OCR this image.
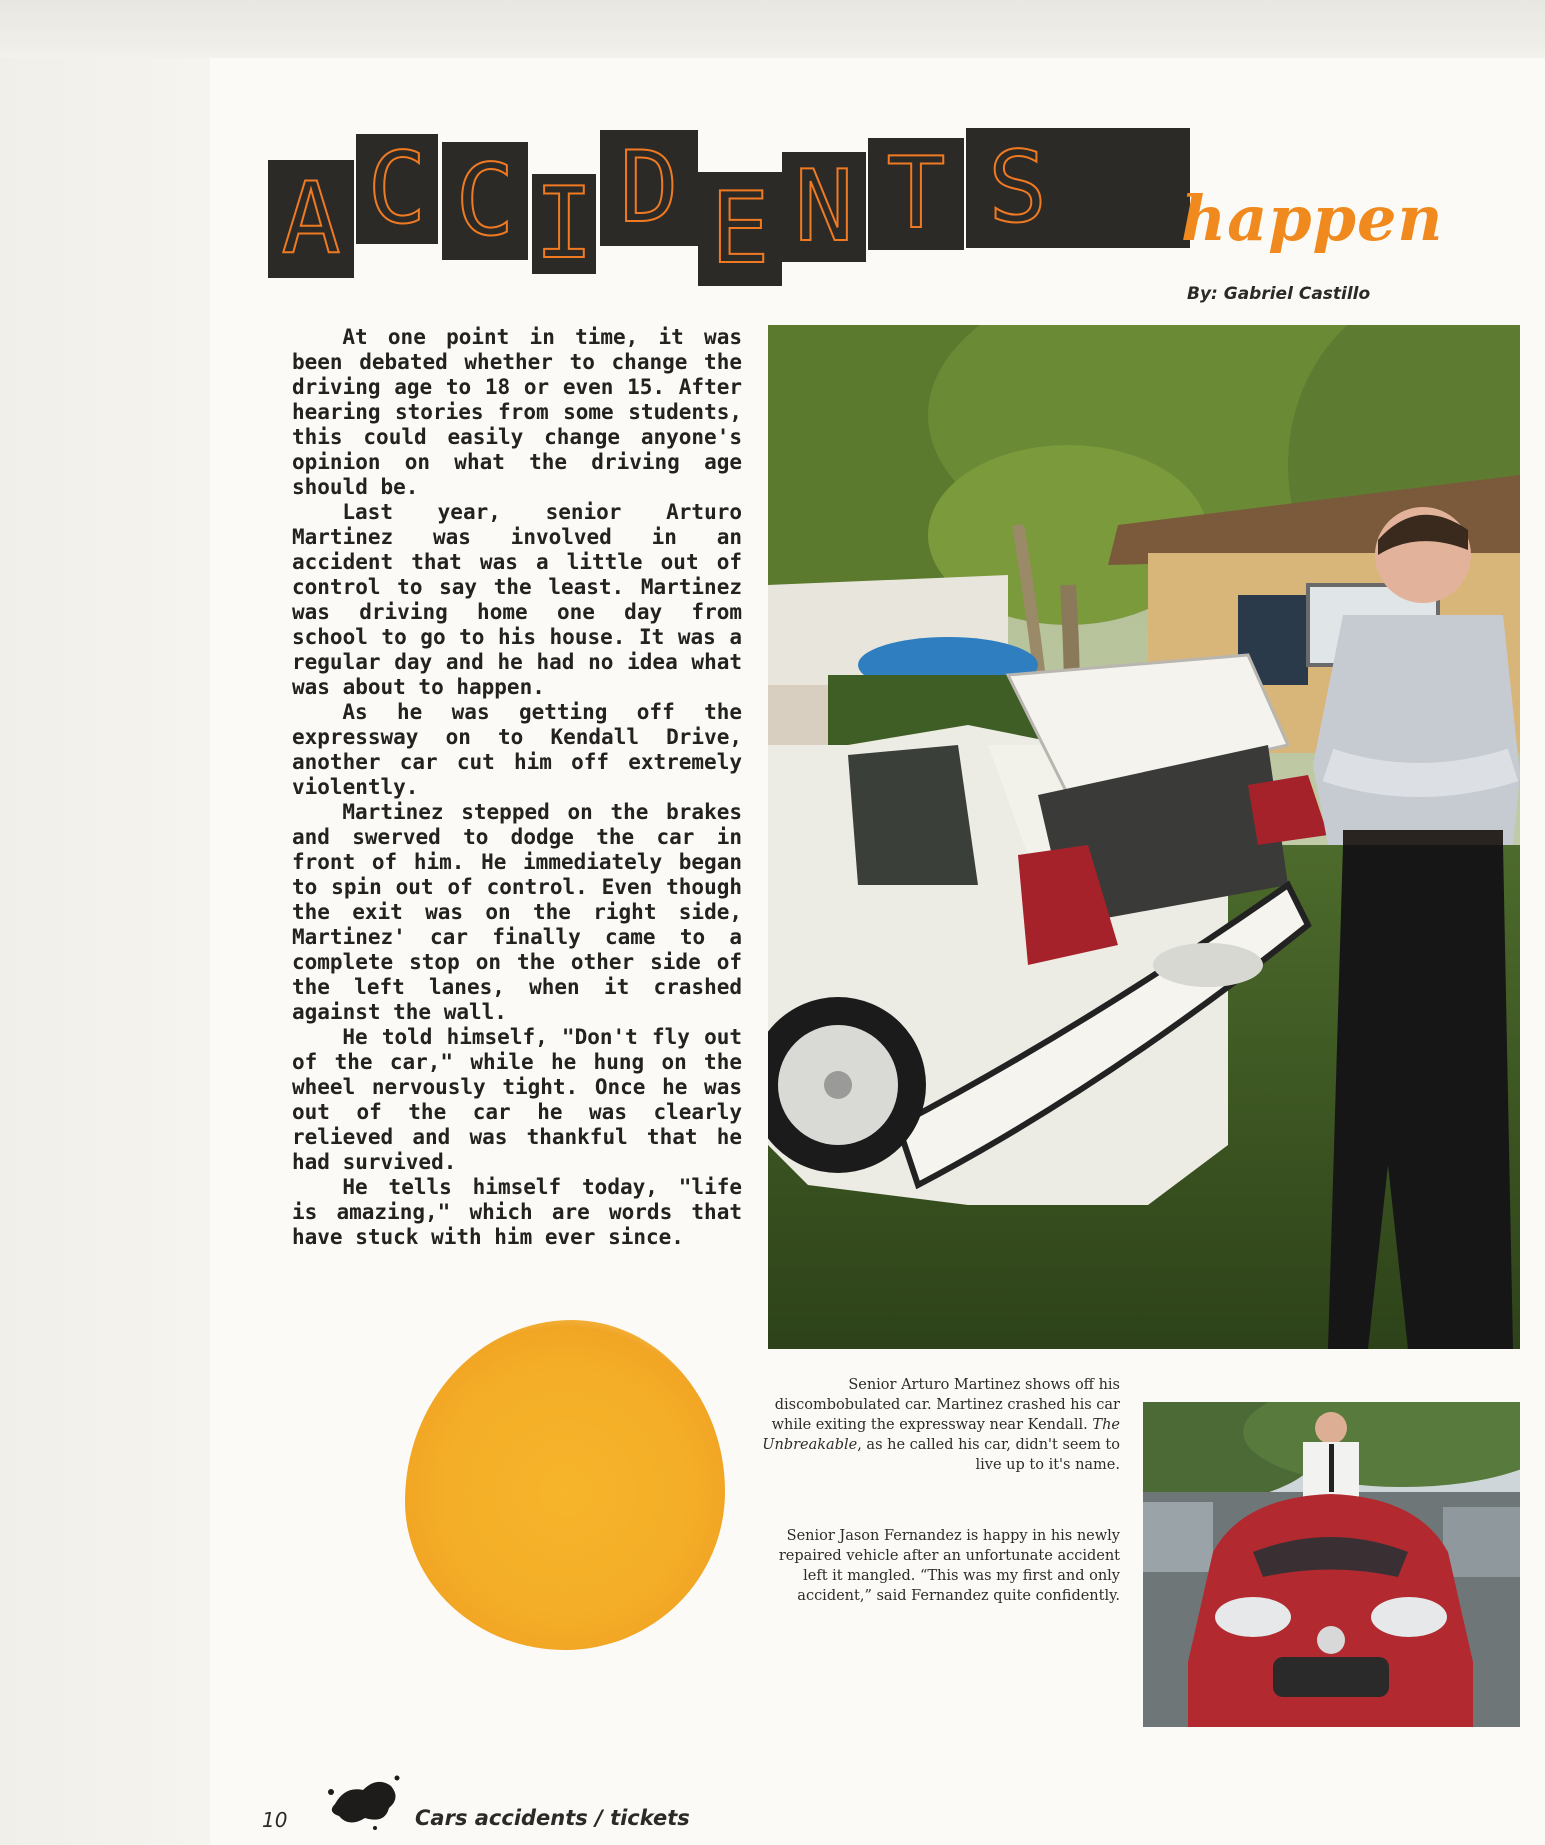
A C C I D E N T S happen
By: Gabriel Castillo

At one point in time, it was been debated whether to change the driving age to 18 or even 15. After hearing stories from some students, this could easily change anyone's opinion on what the driving age should be.

Last year, senior Arturo Martinez was involved in an accident that was a little out of control to say the least. Martinez was driving home one day from school to go to his house. It was a regular day and he had no idea what was about to happen.

As he was getting off the expressway on to Kendall Drive, another car cut him off extremely violently.

Martinez stepped on the brakes and swerved to dodge the car in front of him. He immediately began to spin out of control. Even though the exit was on the right side, Martinez' car finally came to a complete stop on the other side of the left lanes, when it crashed against the wall.

He told himself, "Don't fly out of the car," while he hung on the wheel nervously tight. Once he was out of the car he was clearly relieved and was thankful that he had survived.

He tells himself today, "life is amazing," which are words that have stuck with him ever since.

Senior Arturo Martinez shows off his discombobulated car. Martinez crashed his car while exiting the expressway near Kendall. The Unbreakable, as he called his car, didn't seem to live up to it's name.
Senior Jason Fernandez is happy in his newly repaired vehicle after an unfortunate accident left it mangled. “This was my first and only accident,” said Fernandez quite confidently.
10	Cars accidents / tickets
